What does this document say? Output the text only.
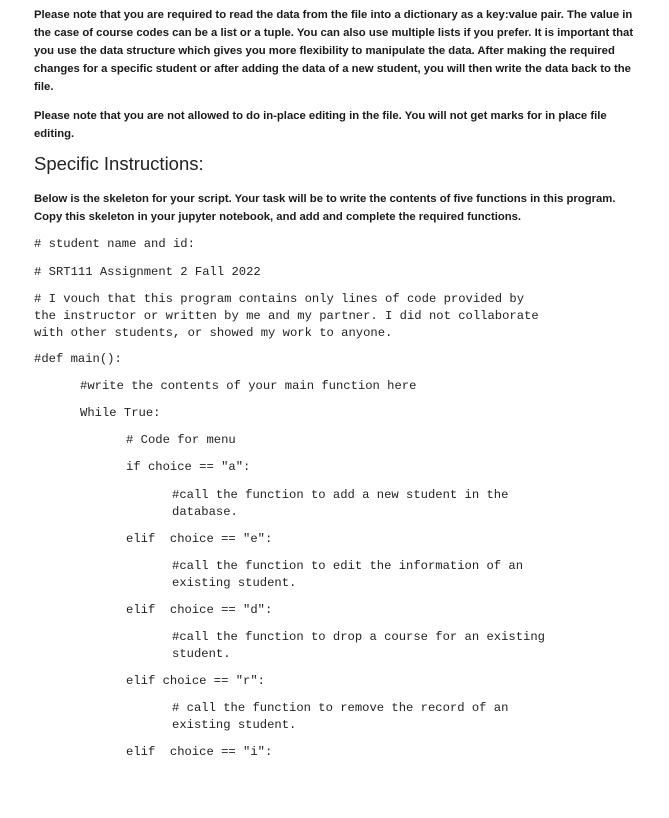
Please note that you are required to read the data from the file into a dictionary as a key:value pair. The value in the case of course codes can be a list or a tuple. You can also use multiple lists if you prefer. It is important that you use the data structure which gives you more flexibility to manipulate the data. After making the required changes for a specific student or after adding the data of a new student, you will then write the data back to the file.

Please note that you are not allowed to do in-place editing in the file. You will not get marks for in place file editing.

Specific Instructions:

Below is the skeleton for your script. Your task will be to write the contents of five functions in this program. Copy this skeleton in your jupyter notebook, and add and complete the required functions.

# student name and id:
# SRT111 Assignment 2 Fall 2022
# I vouch that this program contains only lines of code provided by
the instructor or written by me and my partner. I did not collaborate
with other students, or showed my work to anyone.
#def main():
#write the contents of your main function here
While True:
# Code for menu
if choice == "a":
#call the function to add a new student in the
database.
elif  choice == "e":
#call the function to edit the information of an
existing student.
elif  choice == "d":
#call the function to drop a course for an existing
student.
elif choice == "r":
# call the function to remove the record of an
existing student.
elif  choice == "i":
